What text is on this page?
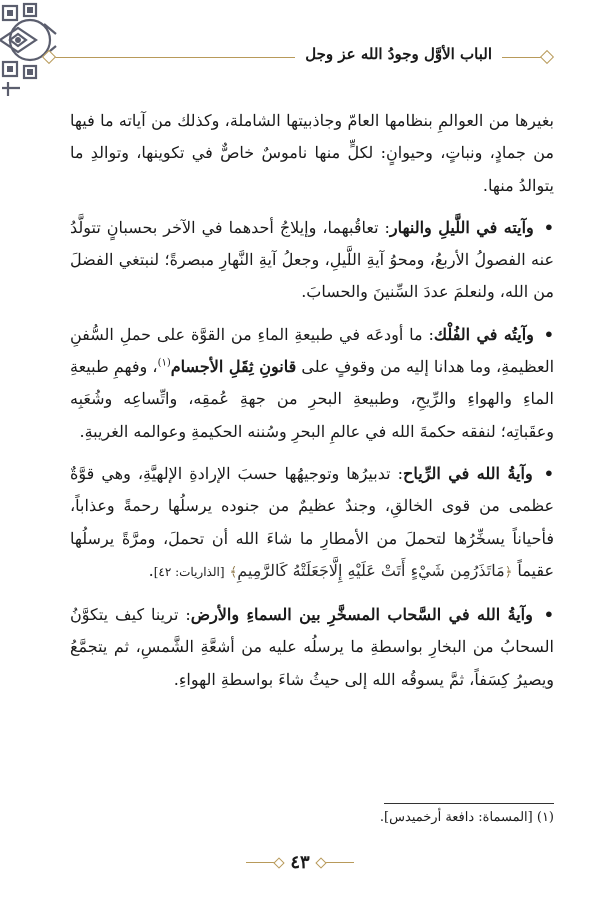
الباب الأوَّل وجودُ الله عز وجل

بغيرها من العوالمِ بنظامها العامّ وجاذبيتها الشاملة، وكذلك من آياته ما فيها من جمادٍ، ونباتٍ، وحيوانٍ: لكلٍّ منها ناموسٌ خاصٌّ في تكوينها، وتوالدِ ما يتوالدُ منها.

• وآيته في اللَّيلِ والنهار: تعاقُبهما، وإيلاجُ أحدهما في الآخر بحسبانٍ تتولَّدُ عنه الفصولُ الأربعُ، ومحوُ آيةِ اللَّيلِ، وجعلُ آيةِ النَّهارِ مبصرةً؛ لنبتغي الفضلَ من الله، ولنعلمَ عددَ السِّنينَ والحسابَ.

• وآيتُه في الفُلْك: ما أودعَه في طبيعةِ الماءِ من القوَّة على حملِ السُّفنِ العظيمةِ، وما هدانا إليه من وقوفٍ على قانونِ ثِقَلِ الأجسام$^{(١)}$، وفهمِ طبيعةِ الماءِ والهواءِ والرِّيحِ، وطبيعةِ البحرِ من جهةِ عُمقِه، واتِّساعِه وشُعَبِه وعقَباتِه؛ لنفقه حكمةَ الله في عالمِ البحرِ وسُننه الحكيمةِ وعوالمه الغريبةِ.

• وآيةُ الله في الرِّياح: تدبيرُها وتوجيهُها حسبَ الإرادةِ الإلهيَّةِ، وهي قوَّةٌ عظمى من قوى الخالقِ، وجندٌ عظيمٌ من جنوده يرسلُها رحمةً وعذاباً، فأحياناً يسخِّرُها لتحملَ من الأمطارِ ما شاءَ الله أن تحملَ، ومرَّةً يرسلُها عقيماً ﴿مَاتَذَرُمِن شَيْءٍ أَتَتْ عَلَيْهِ إِلَّاجَعَلَتْهُ كَالرَّمِيمِ﴾ [الذاريات: ٤٢].

• وآيةُ الله في السَّحاب المسخَّرِ بين السماءِ والأرض: ترينا كيف يتكوَّنُ السحابُ من البخارِ بواسطةِ ما يرسلُه عليه من أشعَّةِ الشَّمسِ، ثم يتجمَّعُ ويصيرُ كِسَفاً، ثمَّ يسوقُه الله إلى حيثُ شاءَ بواسطةِ الهواءِ.

(١) [المسماة: دافعة أرخميدس].
٤٣
